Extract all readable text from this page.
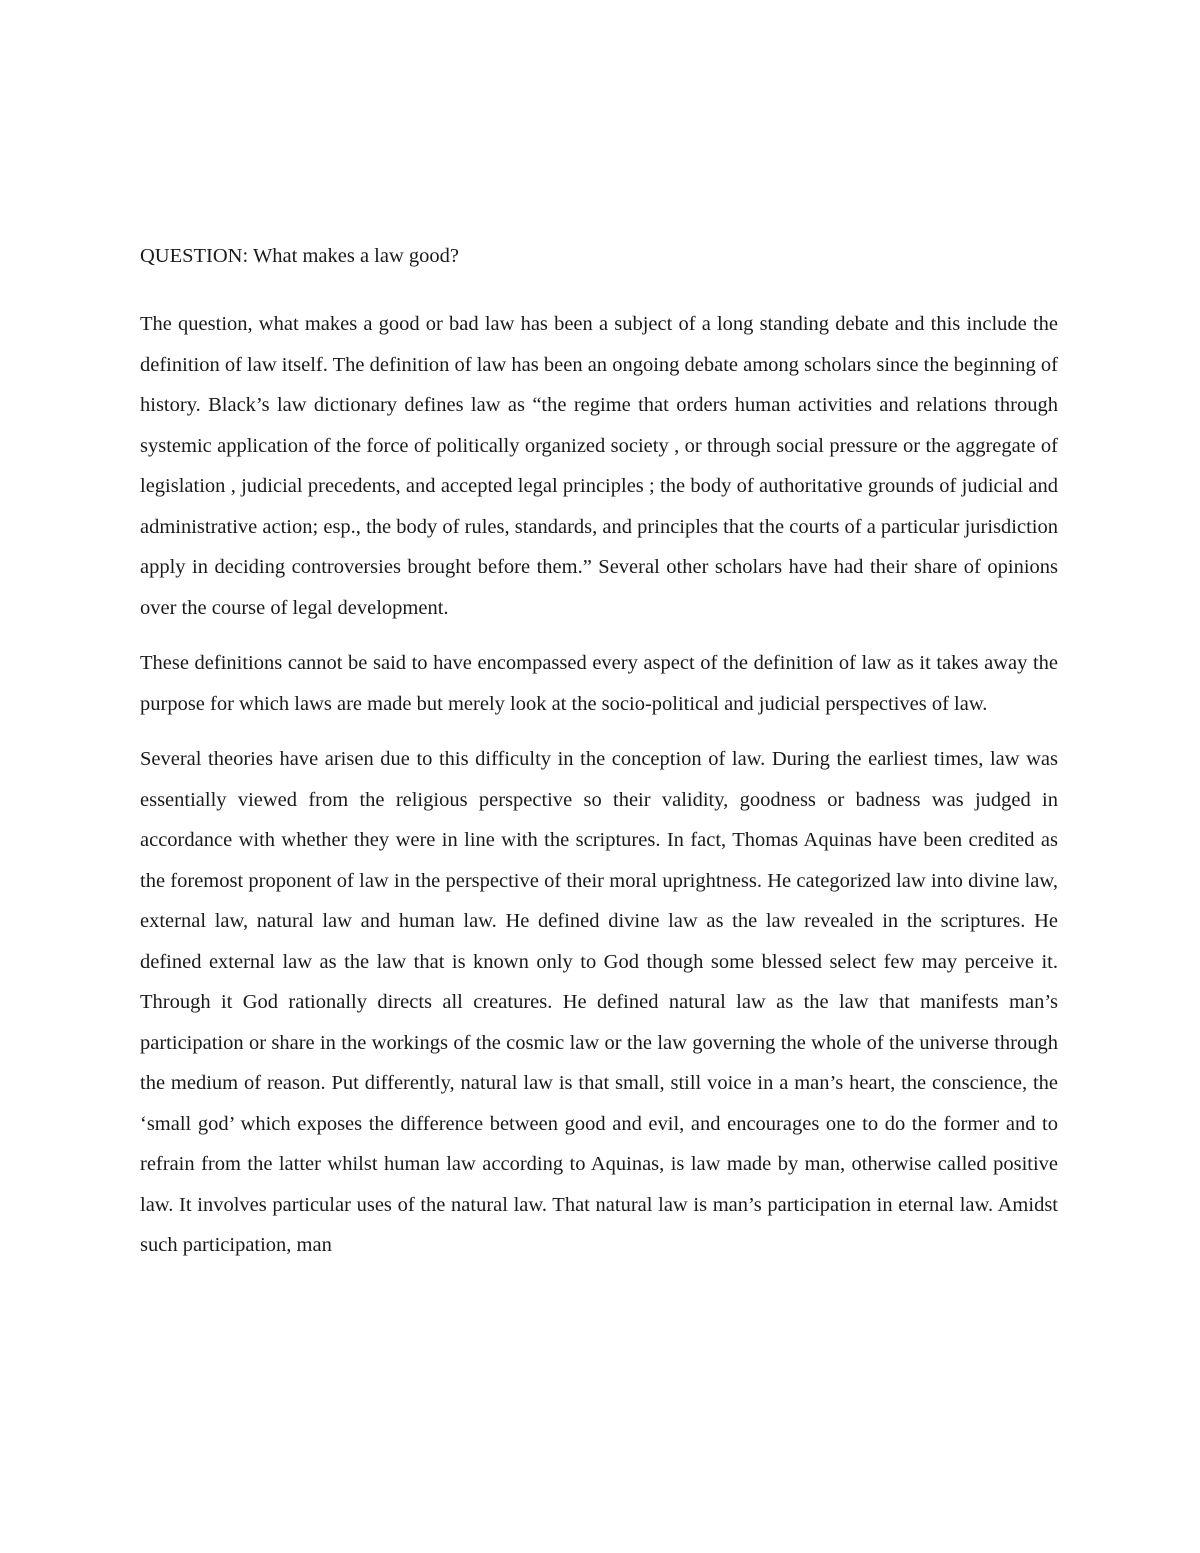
QUESTION: What makes a law good?

The question, what makes a good or bad law has been a subject of a long standing debate and this include the definition of law itself. The definition of law has been an ongoing debate among scholars since the beginning of history. Black’s law dictionary defines law as “the regime that orders human activities and relations through systemic application of the force of politically organized society , or through social pressure or the aggregate of legislation , judicial precedents, and accepted legal principles ; the body of authoritative grounds of judicial and administrative action; esp., the body of rules, standards, and principles that the courts of a particular jurisdiction apply in deciding controversies brought before them.” Several other scholars have had their share of opinions over the course of legal development.

These definitions cannot be said to have encompassed every aspect of the definition of law as it takes away the purpose for which laws are made but merely look at the socio-political and judicial perspectives of law.

Several theories have arisen due to this difficulty in the conception of law. During the earliest times, law was essentially viewed from the religious perspective so their validity, goodness or badness was judged in accordance with whether they were in line with the scriptures. In fact, Thomas Aquinas have been credited as the foremost proponent of law in the perspective of their moral uprightness. He categorized law into divine law, external law, natural law and human law. He defined divine law as the law revealed in the scriptures. He defined external law as the law that is known only to God though some blessed select few may perceive it. Through it God rationally directs all creatures. He defined natural law as the law that manifests man’s participation or share in the workings of the cosmic law or the law governing the whole of the universe through the medium of reason. Put differently, natural law is that small, still voice in a man’s heart, the conscience, the ‘small god’ which exposes the difference between good and evil, and encourages one to do the former and to refrain from the latter whilst human law according to Aquinas, is law made by man, otherwise called positive law. It involves particular uses of the natural law. That natural law is man’s participation in eternal law. Amidst such participation, man
